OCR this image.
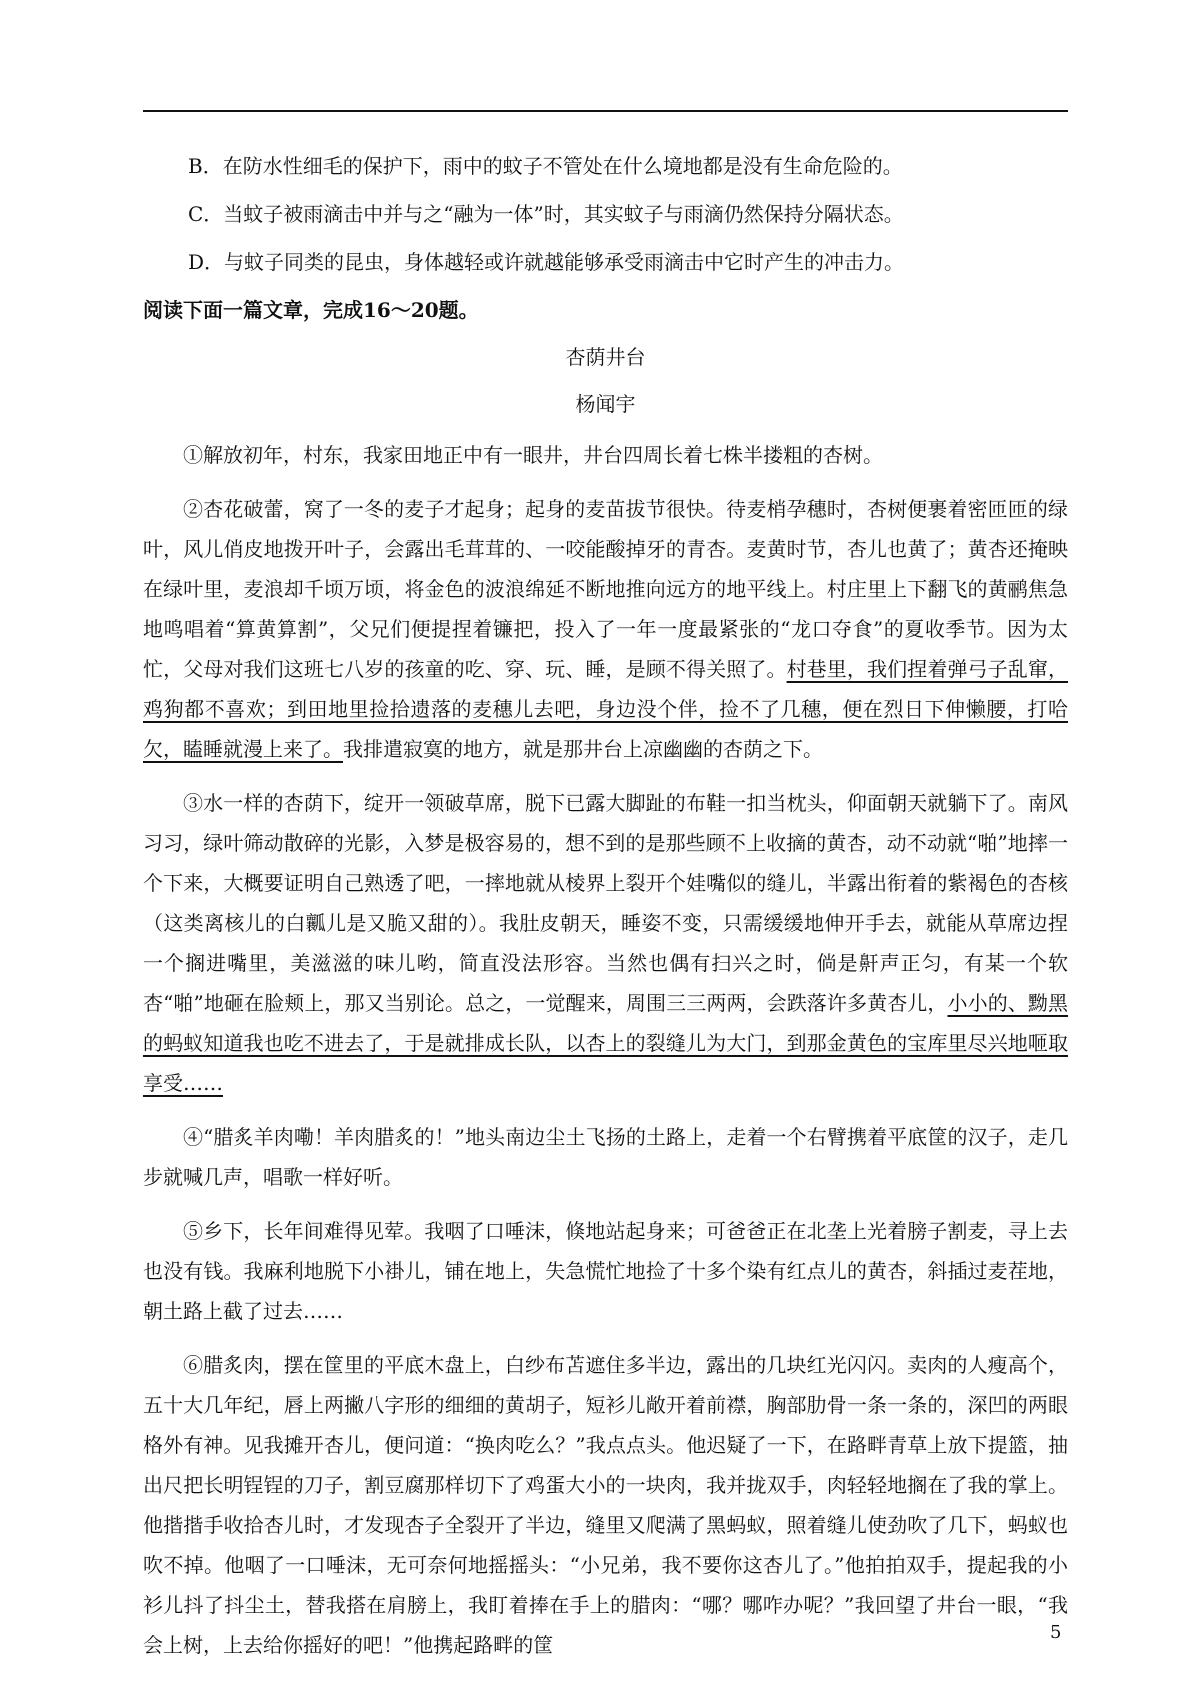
B．在防水性细毛的保护下，雨中的蚊子不管处在什么境地都是没有生命危险的。

C．当蚊子被雨滴击中并与之“融为一体”时，其实蚊子与雨滴仍然保持分隔状态。

D．与蚊子同类的昆虫，身体越轻或许就越能够承受雨滴击中它时产生的冲击力。

阅读下面一篇文章，完成16～20题。

杏荫井台

杨闻宇

①解放初年，村东，我家田地正中有一眼井，井台四周长着七株半搂粗的杏树。

②杏花破蕾，窝了一冬的麦子才起身；起身的麦苗拔节很快。待麦梢孕穗时，杏树便裹着密匝匝的绿叶，风儿俏皮地拨开叶子，会露出毛茸茸的、一咬能酸掉牙的青杏。麦黄时节，杏儿也黄了；黄杏还掩映在绿叶里，麦浪却千顷万顷，将金色的波浪绵延不断地推向远方的地平线上。村庄里上下翻飞的黄鹂焦急地鸣唱着“算黄算割”，父兄们便提捏着镰把，投入了一年一度最紧张的“龙口夺食”的夏收季节。因为太忙，父母对我们这班七八岁的孩童的吃、穿、玩、睡，是顾不得关照了。村巷里，我们捏着弹弓子乱窜，鸡狗都不喜欢；到田地里捡拾遗落的麦穗儿去吧，身边没个伴，捡不了几穗，便在烈日下伸懒腰，打哈欠，瞌睡就漫上来了。我排遣寂寞的地方，就是那井台上凉幽幽的杏荫之下。

③水一样的杏荫下，绽开一领破草席，脱下已露大脚趾的布鞋一扣当枕头，仰面朝天就躺下了。南风习习，绿叶筛动散碎的光影，入梦是极容易的，想不到的是那些顾不上收摘的黄杏，动不动就“啪”地摔一个下来，大概要证明自己熟透了吧，一摔地就从棱界上裂开个娃嘴似的缝儿，半露出衔着的紫褐色的杏核（这类离核儿的白瓤儿是又脆又甜的）。我肚皮朝天，睡姿不变，只需缓缓地伸开手去，就能从草席边捏一个搁进嘴里，美滋滋的味儿哟，简直没法形容。当然也偶有扫兴之时，倘是鼾声正匀，有某一个软杏“啪”地砸在脸颊上，那又当别论。总之，一觉醒来，周围三三两两，会跌落许多黄杏儿，小小的、黝黑的蚂蚁知道我也吃不进去了，于是就排成长队，以杏上的裂缝儿为大门，到那金黄色的宝库里尽兴地咂取享受……

④“腊炙羊肉嘞！羊肉腊炙的！”地头南边尘土飞扬的土路上，走着一个右臂携着平底筐的汉子，走几步就喊几声，唱歌一样好听。

⑤乡下，长年间难得见荤。我咽了口唾沫，倏地站起身来；可爸爸正在北垄上光着膀子割麦，寻上去也没有钱。我麻利地脱下小褂儿，铺在地上，失急慌忙地捡了十多个染有红点儿的黄杏，斜插过麦茬地，朝土路上截了过去……

⑥腊炙肉，摆在筐里的平底木盘上，白纱布苫遮住多半边，露出的几块红光闪闪。卖肉的人瘦高个，五十大几年纪，唇上两撇八字形的细细的黄胡子，短衫儿敞开着前襟，胸部肋骨一条一条的，深凹的两眼格外有神。见我摊开杏儿，便问道：“换肉吃么？”我点点头。他迟疑了一下，在路畔青草上放下提篮，抽出尺把长明锃锃的刀子，割豆腐那样切下了鸡蛋大小的一块肉，我并拢双手，肉轻轻地搁在了我的掌上。他揩揩手收拾杏儿时，才发现杏子全裂开了半边，缝里又爬满了黑蚂蚁，照着缝儿使劲吹了几下，蚂蚁也吹不掉。他咽了一口唾沫，无可奈何地摇摇头：“小兄弟，我不要你这杏儿了。”他拍拍双手，提起我的小衫儿抖了抖尘土，替我搭在肩膀上，我盯着捧在手上的腊肉：“哪？哪咋办呢？”我回望了井台一眼，“我会上树，上去给你摇好的吧！”他携起路畔的筐

5
